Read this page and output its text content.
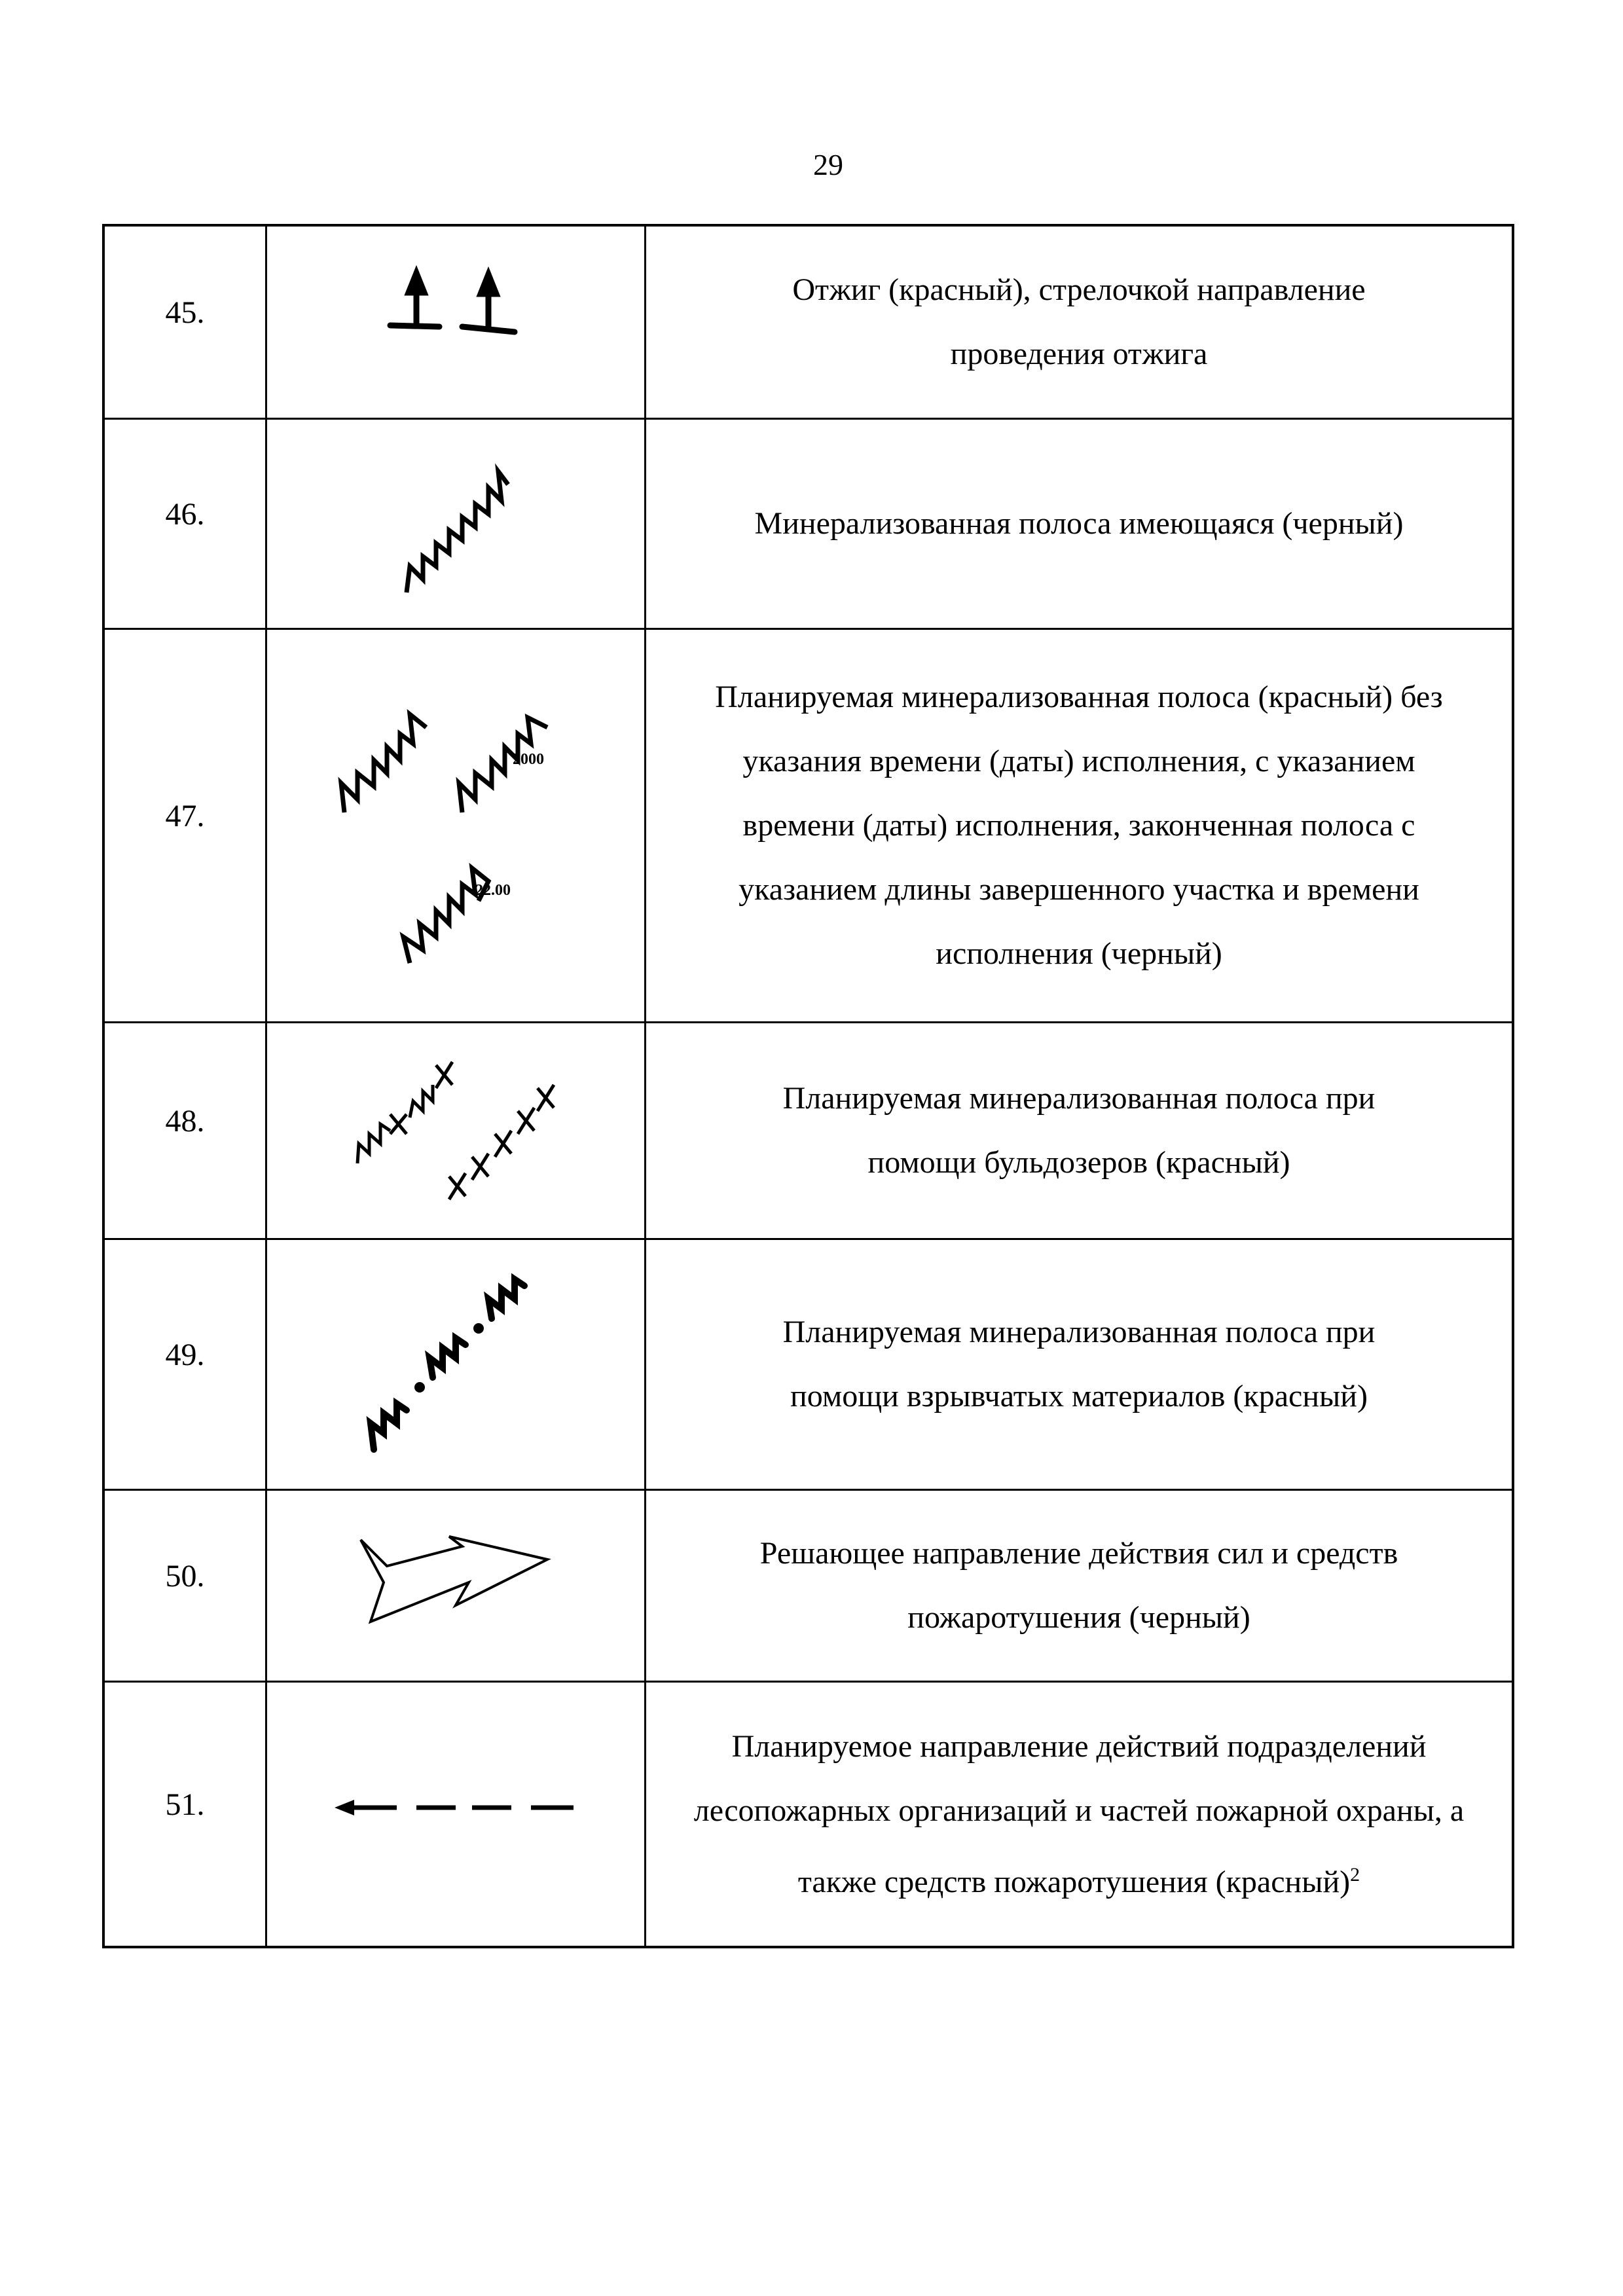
29
45.
Отжиг (красный), стрелочкой направление проведения отжига
46.	Минерализованная полоса имеющаяся (черный)
47.
2000
22.00
Планируемая минерализованная полоса (красный) без указания времени (даты) исполнения, с указанием времени (даты) исполнения, законченная полоса с указанием длины завершенного участка и времени исполнения (черный)
48.
Планируемая минерализованная полоса при помощи бульдозеров (красный)
49.
Планируемая минерализованная полоса при помощи взрывчатых материалов (красный)
50.
Решающее направление действия сил и средств пожаротушения (черный)
51.
Планируемое направление действий подразделений лесопожарных организаций и частей пожарной охраны, а также средств пожаротушения (красный)$^2$
